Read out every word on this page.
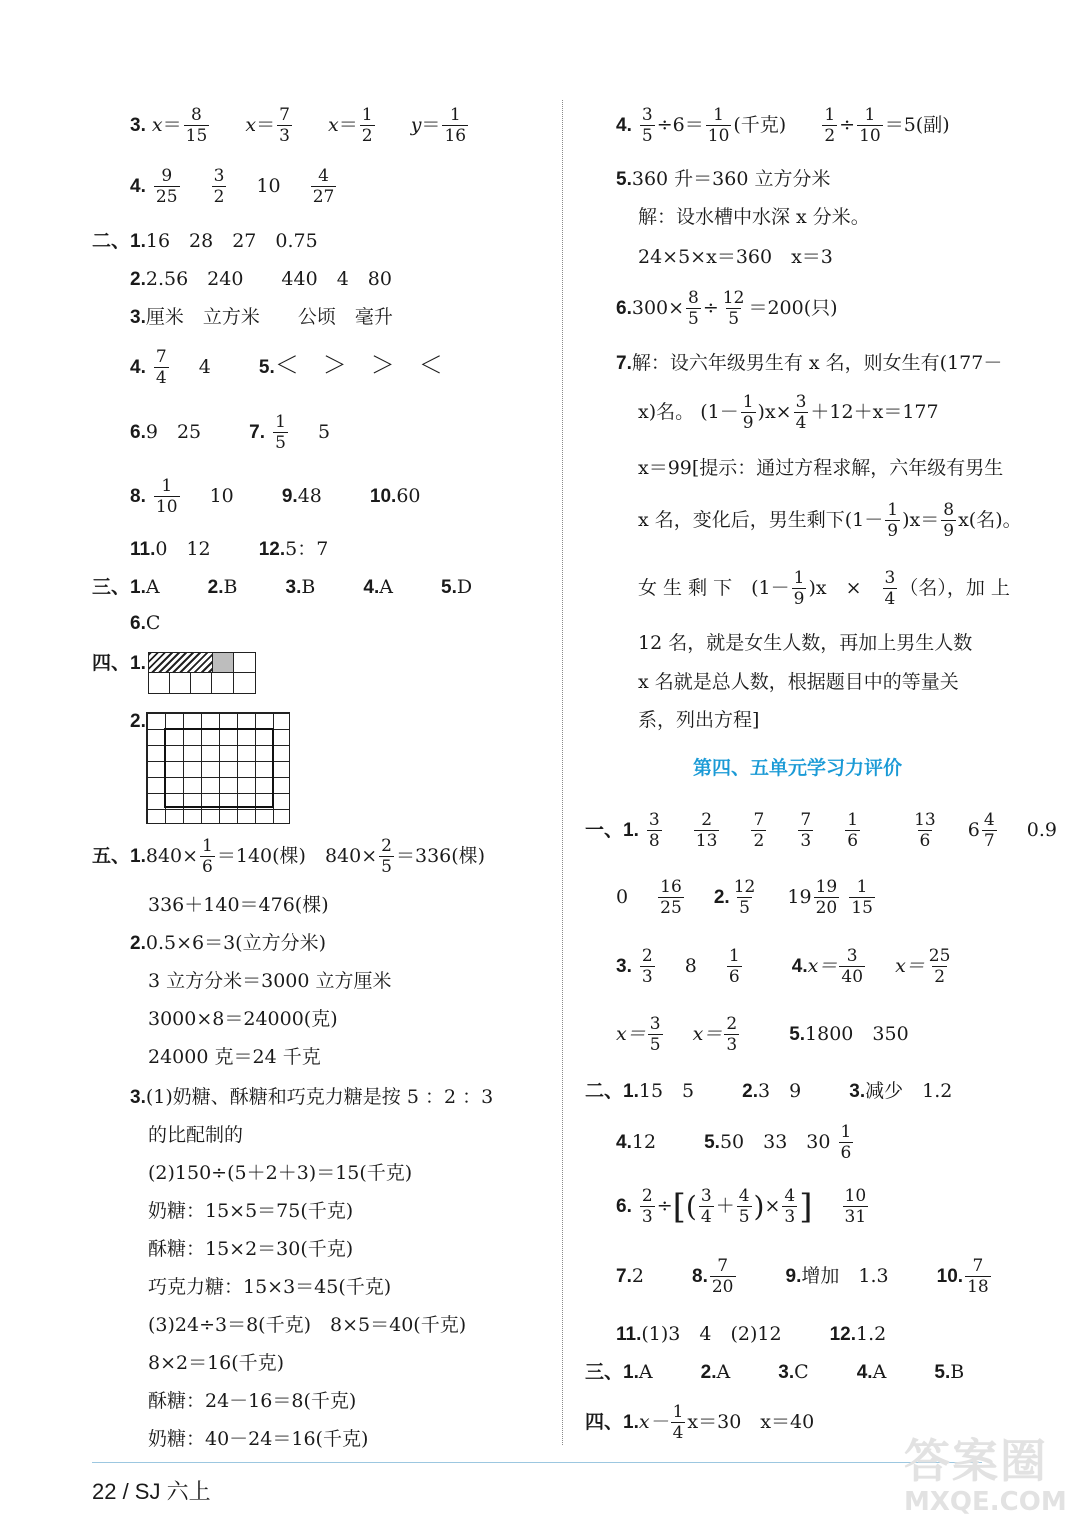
3. $x= \frac{8}{15} x= \frac{7}{3} x= \frac{1}{2} y= \frac{1}{16}$
4. $\frac{9}{25}$
$\frac{3}{2} 10 \frac{4}{27}$
二、1.16　28　27　0.75
2.2.56　240　　440　4　80
3.厘米　立方米　　公顷　毫升
4. $\frac{7}{4} 4$	5.＜　＞　＞　＜
6.9　25	7. $\frac{1}{5} 5$
8. $\frac{1}{10} 10$	9.48	10.60
11.0　12	12.5：7
三、1.A	2.B	3.B	4.A	5.D
6.C
四、1.
2.
五、$1.840\times \frac{1}{6} =140$(棵)　$840\times \frac{2}{5} =336$(棵)
336＋140＝476(棵)
2.0.5×6＝3(立方分米)
3 立方分米＝3000 立方厘米
3000×8＝24000(克)
24000 克＝24 千克
3.(1)奶糖、酥糖和巧克力糖是按 5 ：2 ：3
的比配制的
(2)150÷(5＋2＋3)＝15(千克)
奶糖：15×5＝75(千克)
酥糖：15×2＝30(千克)
巧克力糖：15×3＝45(千克)
(3)24÷3＝8(千克)　8×5＝40(千克)
8×2＝16(千克)
酥糖：24－16＝8(千克)
奶糖：40－24＝16(千克)
4. $\frac{3}{5} \div 6= \frac{1}{10}$ (千克) $\frac{1}{2} \div \frac{1}{10} =5$(副)
5.360 升＝360 立方分米
解：设水槽中水深 x 分米。
24×5×x＝360　x＝3
$6.300\times \frac{8}{5} \div \frac{12}{5} =200$(只)
7.解：设六年级男生有 x 名，则女生有(177－
x)名。 $(1- \frac{1}{9} )x\times \frac{3}{4} +12+x=177$
x＝99[提示：通过方程求解，六年级有男生
x 名，变化后，男生剩下$(1- \frac{1}{9} )x= \frac{8}{9} x$(名)。
女 生 剩 下　 $(1- \frac{1}{9} )x$　×　 $\frac{3}{4}$ （名），加 上
12 名，就是女生人数，再加上男生人数
x 名就是总人数，根据题目中的等量关
系，列出方程]
第四、五单元学习力评价
一、1. $\frac{3}{8}$
$\frac{2}{13}$
$\frac{7}{2}$
$\frac{7}{3}$
$\frac{1}{6}$
	$\frac{13}{6} 6 \frac{4}{7} 0.9$
$0 \frac{16}{25} 2$. $\frac{12}{5} 19 \frac{19}{20}$
$\frac{1}{15}$
3. $\frac{2}{3} 8 \frac{1}{6}$	$4.x= \frac{3}{40} x= \frac{25}{2}$
$x= \frac{3}{5} x= \frac{2}{3}$	5.1800　350
二、1.15　5	2.3　9	3.减少　1.2
4.12	5.50　33　$30 \frac{1}{6}$
6. $\frac{2}{3}$ ÷[( $\frac{3}{4} + \frac{4}{5}$ )× $\frac{4}{3}$ ] $\frac{10}{31}$
7.2	8. $\frac{7}{20}$	9.增加　1.3	10. $\frac{7}{18}$
11.(1)3　4　(2)12	12.1.2
三、1.A	2.A	3.C	4.A	5.B
四、$1.x- \frac{1}{4} x=30$　x＝40
22 / SJ 六上
答案圈
MXQE.COM
